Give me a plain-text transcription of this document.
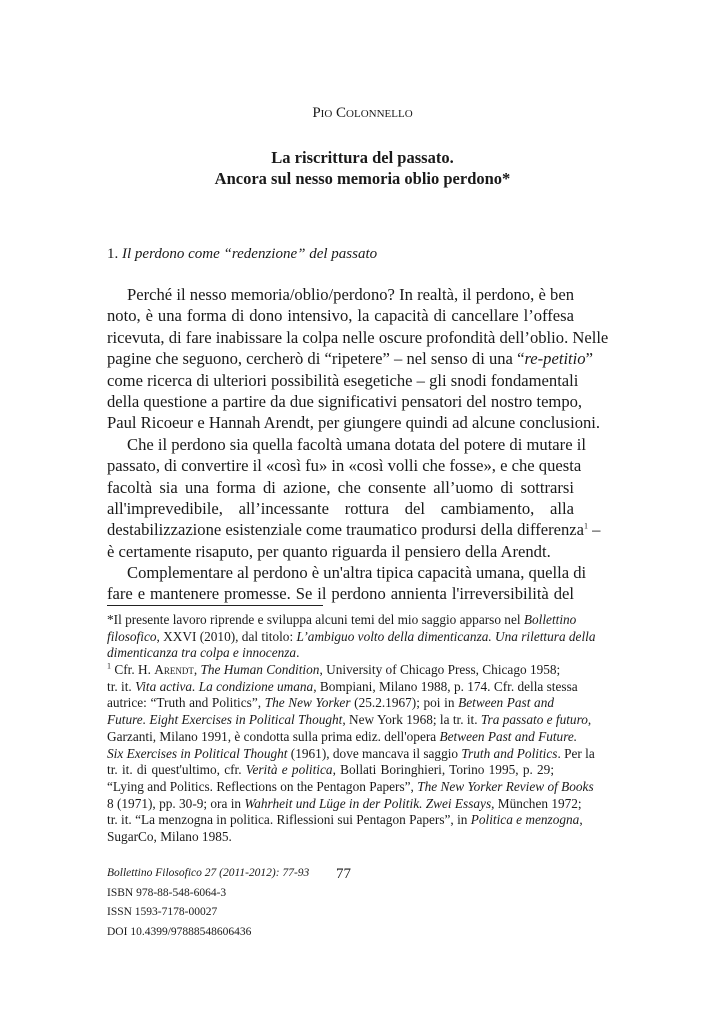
Pio Colonnello
La riscrittura del passato.
Ancora sul nesso memoria oblio perdono*
1. Il perdono come “redenzione” del passato
Perché il nesso memoria/oblio/perdono? In realtà, il perdono, è ben
noto, è una forma di dono intensivo, la capacità di cancellare l’offesa
ricevuta, di fare inabissare la colpa nelle oscure profondità dell’oblio. Nelle
pagine che seguono, cercherò di “ripetere” – nel senso di una “re-petitio”
come ricerca di ulteriori possibilità esegetiche – gli snodi fondamentali
della questione a partire da due significativi pensatori del nostro tempo,
Paul Ricoeur e Hannah Arendt, per giungere quindi ad alcune conclusioni.
Che il perdono sia quella facoltà umana dotata del potere di mutare il
passato, di convertire il «così fu» in «così volli che fosse», e che questa
facoltà sia una forma di azione, che consente all’uomo di sottrarsi
all'imprevedibile, all’incessante rottura del cambiamento, alla
destabilizzazione esistenziale come traumatico prodursi della differenza$^1$ –
è certamente risaputo, per quanto riguarda il pensiero della Arendt.
Complementare al perdono è un'altra tipica capacità umana, quella di
fare e mantenere promesse. Se il perdono annienta l'irreversibilità del
*Il presente lavoro riprende e sviluppa alcuni temi del mio saggio apparso nel Bollettino
filosofico, XXVI (2010), dal titolo: L’ambiguo volto della dimenticanza. Una rilettura della
dimenticanza tra colpa e innocenza.
$^1$ Cfr. H. Arendt, The Human Condition, University of Chicago Press, Chicago 1958;
tr. it. Vita activa. La condizione umana, Bompiani, Milano 1988, p. 174. Cfr. della stessa
autrice: “Truth and Politics”, The New Yorker (25.2.1967); poi in Between Past and
Future. Eight Exercises in Political Thought, New York 1968; la tr. it. Tra passato e futuro,
Garzanti, Milano 1991, è condotta sulla prima ediz. dell'opera Between Past and Future.
Six Exercises in Political Thought (1961), dove mancava il saggio Truth and Politics. Per la
tr. it. di quest'ultimo, cfr. Verità e politica, Bollati Boringhieri, Torino 1995, p. 29;
“Lying and Politics. Reflections on the Pentagon Papers”, The New Yorker Review of Books
8 (1971), pp. 30-9; ora in Wahrheit und Lüge in der Politik. Zwei Essays, München 1972;
tr. it. “La menzogna in politica. Riflessioni sui Pentagon Papers”, in Politica e menzogna,
SugarCo, Milano 1985.
Bollettino Filosofico 27 (2011-2012): 77-93
ISBN 978-88-548-6064-3
ISSN 1593-7178-00027
DOI 10.4399/97888548606436
77
